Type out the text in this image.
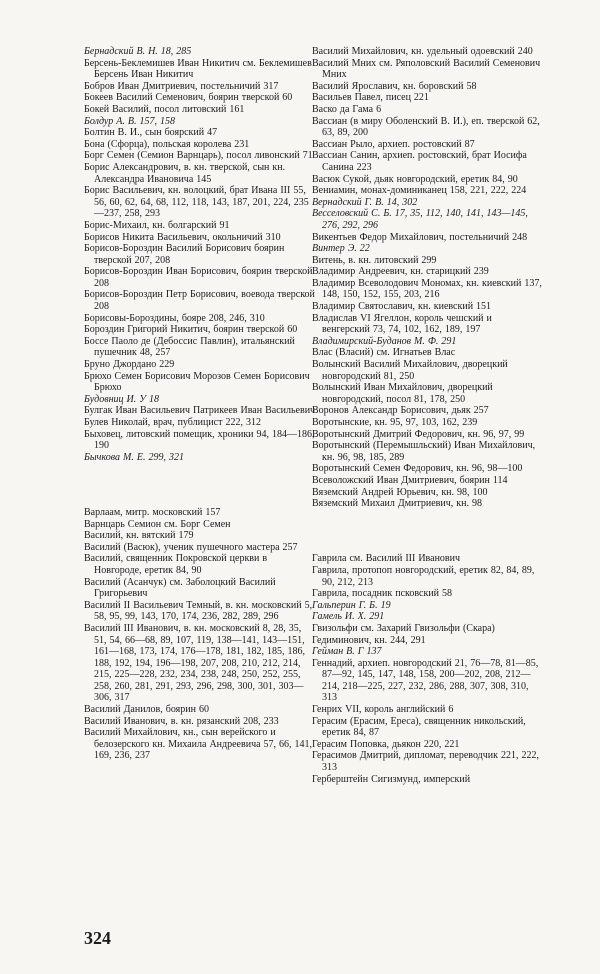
Бернадский В. Н. 18, 285

Берсень-Беклемишев Иван Никитич см. Беклемишев Берсень Иван Никитич

Бобров Иван Дмитриевич, постельничий 317

Бокеев Василий Семенович, боярин тверской 60

Бокей Василий, посол литовский 161

Болдур А. В. 157, 158

Болтин В. И., сын боярский 47

Бона (Сфорца), польская королева 231

Борг Семен (Семион Варнцарь), посол ливонский 71

Борис Александрович, в. кн. тверской, сын кн. Александра Ивановича 145

Борис Васильевич, кн. волоцкий, брат Ивана III 55, 56, 60, 62, 64, 68, 112, 118, 143, 187, 201, 224, 235—237, 258, 293

Борис-Михаил, кн. болгарский 91

Борисов Никита Васильевич, окольничий 310

Борисов-Бороздин Василий Борисович боярин тверской 207, 208

Борисов-Бороздин Иван Борисович, боярин тверской 208

Борисов-Бороздин Петр Борисович, воевода тверской 208

Борисовы-Бороздины, бояре 208, 246, 310

Бороздин Григорий Никитич, боярин тверской 60

Боссе Паоло де (Дебоссис Павлин), итальянский пушечник 48, 257

Бруно Джордано 229

Брюхо Семен Борисович Морозов Семен Борисович Брюхо

Будовниц И. У 18

Булгак Иван Васильевич Патрикеев Иван Васильевич

Булев Николай, врач, публицист 222, 312

Быховец, литовский помещик, хроники 94, 184—186, 190

Бычкова М. Е. 299, 321

Варлаам, митр. московский 157

Варнцарь Семион см. Борг Семен

Василий, кн. вятский 179

Василий (Васюк), ученик пушечного мастера 257

Василий, священник Покровской церкви в Новгороде, еретик 84, 90

Василий (Асанчук) см. Заболоцкий Василий Григорьевич

Василий II Васильевич Темный, в. кн. московский 5, 58, 95, 99, 143, 170, 174, 236, 282, 289, 296

Василий III Иванович, в. кн. московский 8, 28, 35, 51, 54, 66—68, 89, 107, 119, 138—141, 143—151, 161—168, 173, 174, 176—178, 181, 182, 185, 186, 188, 192, 194, 196—198, 207, 208, 210, 212, 214, 215, 225—228, 232, 234, 238, 248, 250, 252, 255, 258, 260, 281, 291, 293, 296, 298, 300, 301, 303—306, 317

Василий Данилов, боярин 60

Василий Иванович, в. кн. рязанский 208, 233

Василий Михайлович, кн., сын верейского и белозерского кн. Михаила Андреевича 57, 66, 141, 169, 236, 237

Василий Михайлович, кн. удельный одоевский 240

Василий Мних см. Ряполовский Василий Семенович Мних

Василий Ярославич, кн. боровский 58

Васильев Павел, писец 221

Васко да Гама 6

Вассиан (в миру Оболенский В. И.), еп. тверской 62, 63, 89, 200

Вассиан Рыло, архиеп. ростовский 87

Вассиан Санин, архиеп. ростовский, брат Иосифа Санина 223

Васюк Сукой, дьяк новгородский, еретик 84, 90

Вениамин, монах-доминиканец 158, 221, 222, 224

Вернадский Г. В. 14, 302

Весселовский С. Б. 17, 35, 112, 140, 141, 143—145, 276, 292, 296

Викентьев Федор Михайлович, постельничий 248

Винтер Э. 22

Витень, в. кн. литовский 299

Владимир Андреевич, кн. старицкий 239

Владимир Всеволодович Мономах, кн. киевский 137, 148, 150, 152, 155, 203, 216

Владимир Святославич, кн. киевский 151

Владислав VI Ягеллон, король чешский и венгерский 73, 74, 102, 162, 189, 197

Владимирский-Буданов М. Ф. 291

Влас (Власий) см. Игнатьев Влас

Волынский Василий Михайлович, дворецкий новгородский 81, 250

Волынский Иван Михайлович, дворецкий новгородский, посол 81, 178, 250

Воронов Александр Борисович, дьяк 257

Воротынские, кн. 95, 97, 103, 162, 239

Воротынский Дмитрий Федорович, кн. 96, 97, 99

Воротынский (Перемышльский) Иван Михайлович, кн. 96, 98, 185, 289

Воротынский Семен Федорович, кн. 96, 98—100

Всеволожский Иван Дмитриевич, боярин 114

Вяземский Андрей Юрьевич, кн. 98, 100

Вяземский Михаил Дмитриевич, кн. 98

Гаврила см. Василий III Иванович

Гаврила, протопоп новгородский, еретик 82, 84, 89, 90, 212, 213

Гаврила, посадник псковский 58

Гальперин Г. Б. 19

Гамель И. Х. 291

Гвизольфи см. Захарий Гвизольфи (Скара)

Гедиминович, кн. 244, 291

Гейман В. Г 137

Геннадий, архиеп. новгородский 21, 76—78, 81—85, 87—92, 145, 147, 148, 158, 200—202, 208, 212—214, 218—225, 227, 232, 286, 288, 307, 308, 310, 313

Генрих VII, король английский 6

Герасим (Ерасим, Ереса), священник никольский, еретик 84, 87

Герасим Поповка, дьякон 220, 221

Герасимов Дмитрий, дипломат, переводчик 221, 222, 313

Герберштейн Сигизмунд, имперский

324
